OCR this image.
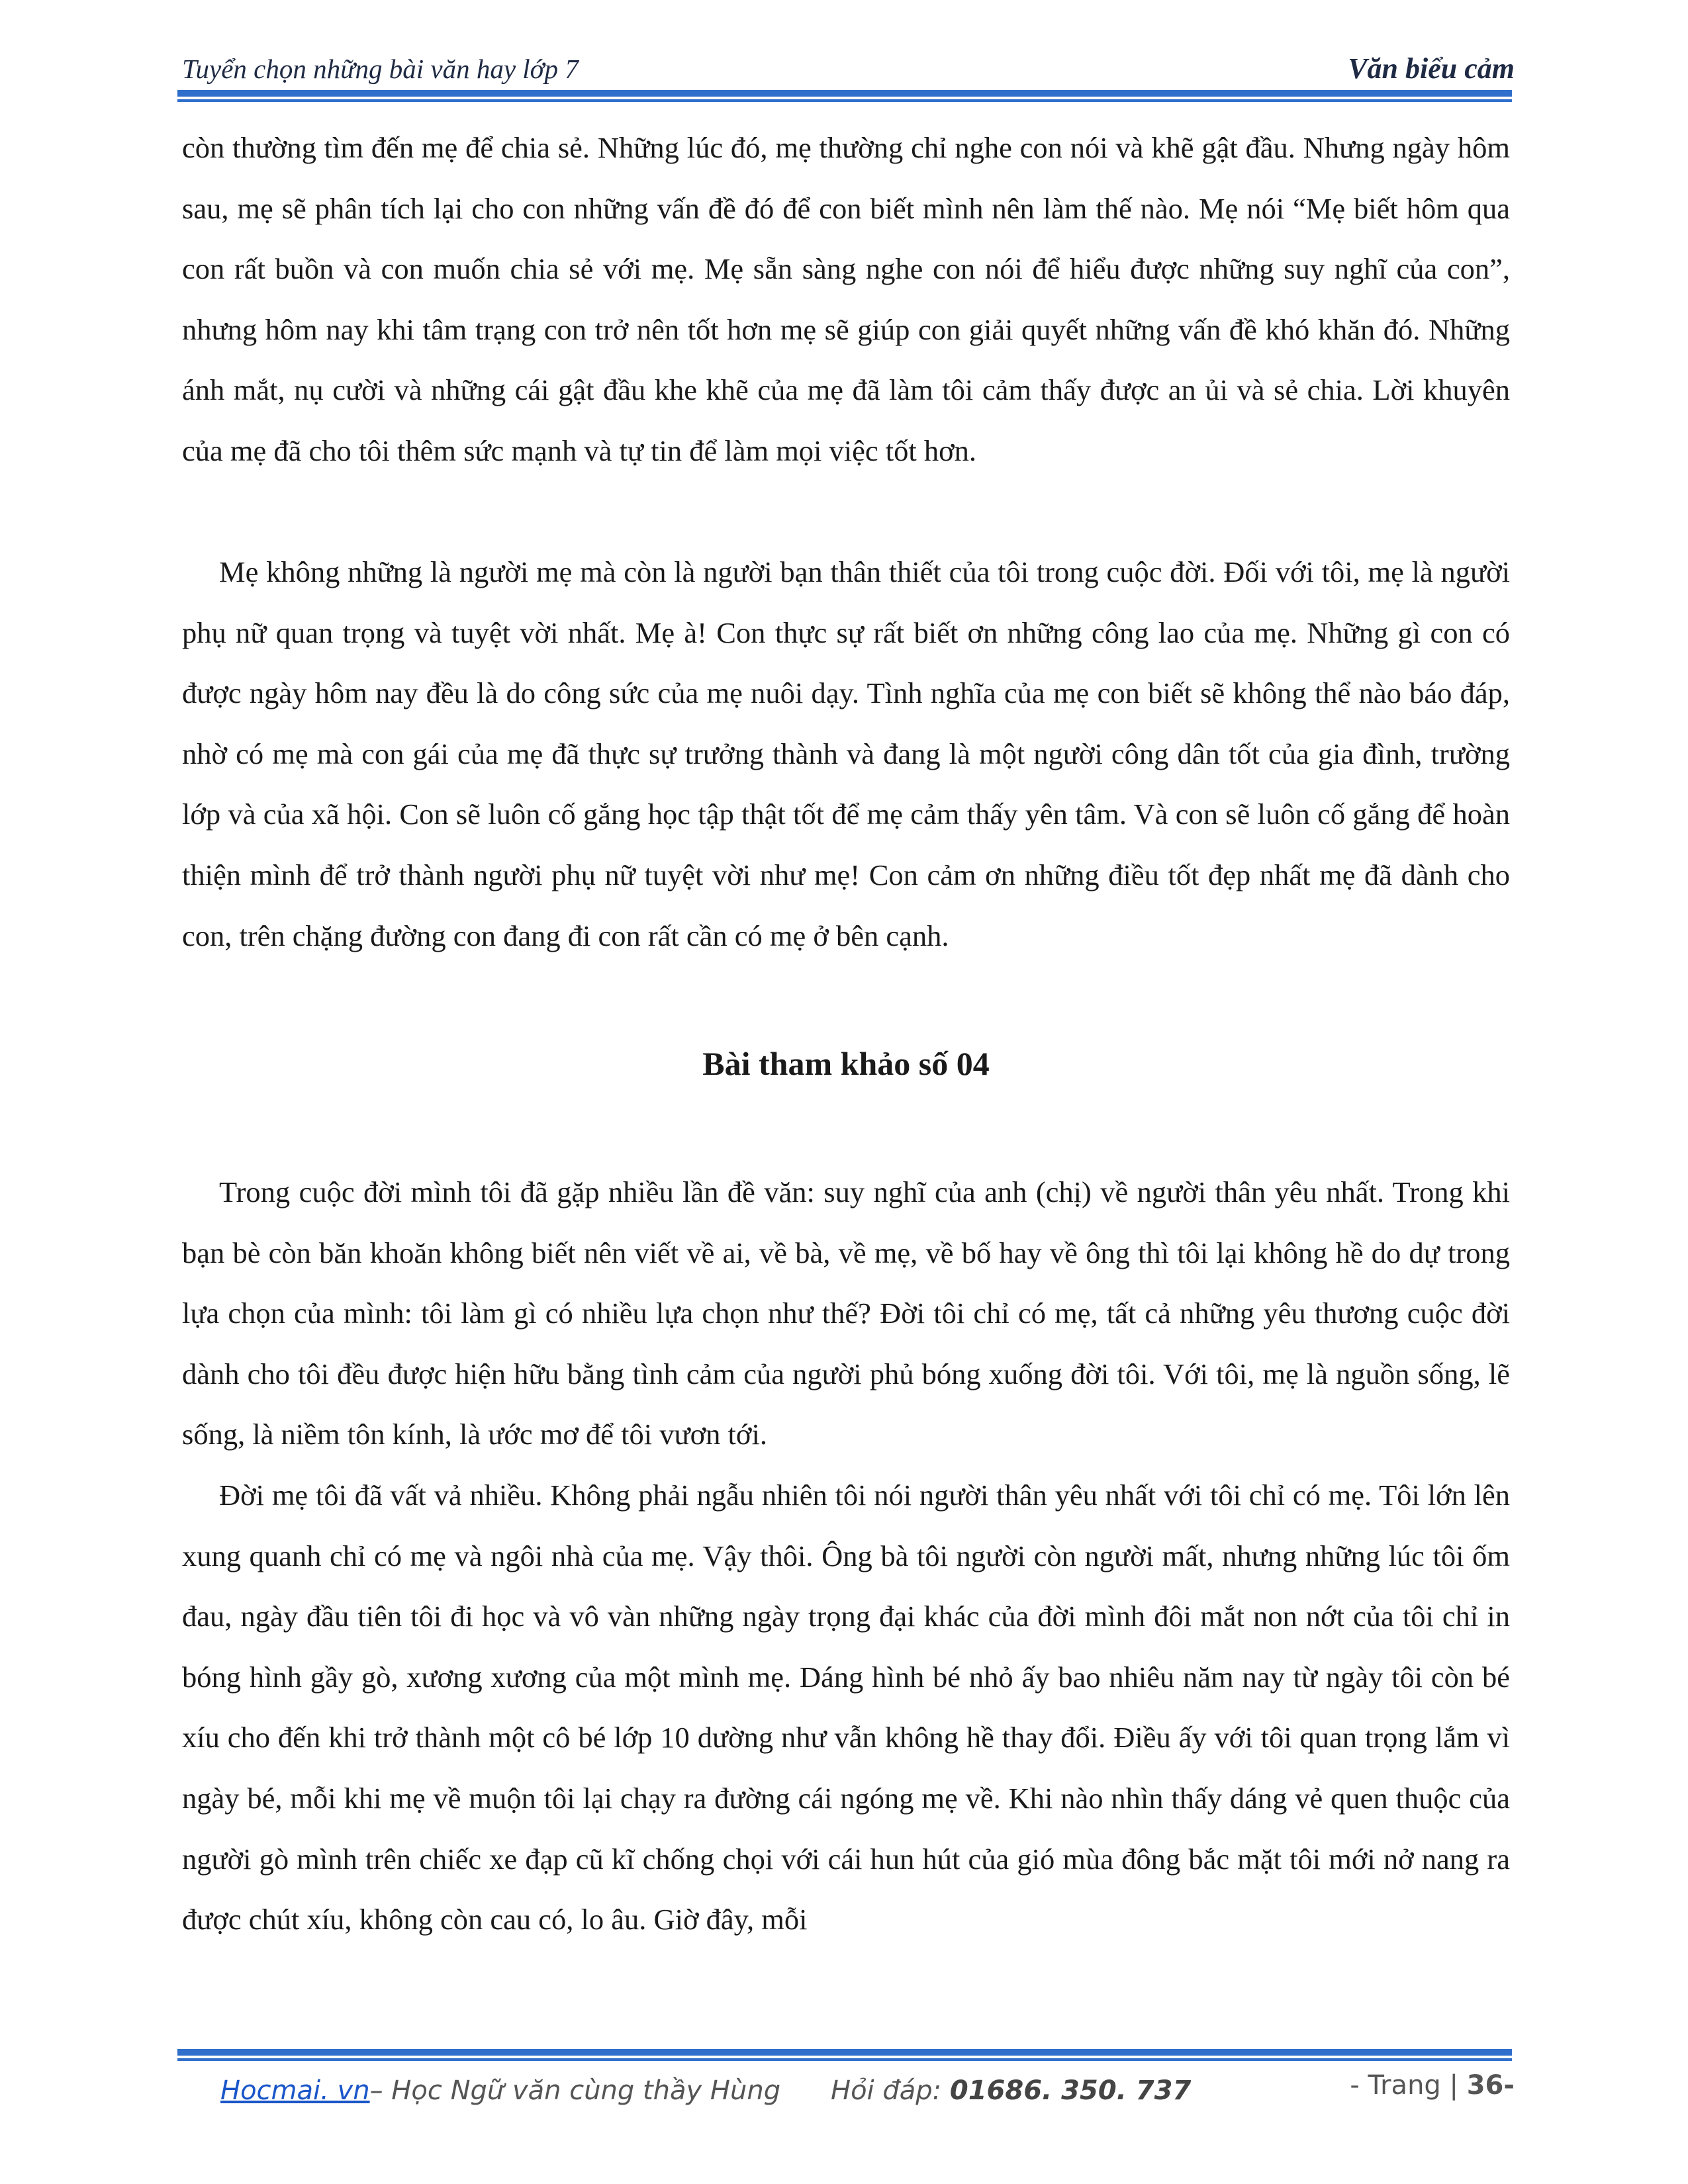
Tuyển chọn những bài văn hay lớp 7	Văn biểu cảm

còn thường tìm đến mẹ để chia sẻ. Những lúc đó, mẹ thường chỉ nghe con nói và khẽ gật đầu. Nhưng ngày hôm sau, mẹ sẽ phân tích lại cho con những vấn đề đó để con biết mình nên làm thế nào. Mẹ nói “Mẹ biết hôm qua con rất buồn và con muốn chia sẻ với mẹ. Mẹ sẵn sàng nghe con nói để hiểu được những suy nghĩ của con”, nhưng hôm nay khi tâm trạng con trở nên tốt hơn mẹ sẽ giúp con giải quyết những vấn đề khó khăn đó. Những ánh mắt, nụ cười và những cái gật đầu khe khẽ của mẹ đã làm tôi cảm thấy được an ủi và sẻ chia. Lời khuyên của mẹ đã cho tôi thêm sức mạnh và tự tin để làm mọi việc tốt hơn.

Mẹ không những là người mẹ mà còn là người bạn thân thiết của tôi trong cuộc đời. Đối với tôi, mẹ là người phụ nữ quan trọng và tuyệt vời nhất. Mẹ à! Con thực sự rất biết ơn những công lao của mẹ. Những gì con có được ngày hôm nay đều là do công sức của mẹ nuôi dạy. Tình nghĩa của mẹ con biết sẽ không thể nào báo đáp, nhờ có mẹ mà con gái của mẹ đã thực sự trưởng thành và đang là một người công dân tốt của gia đình, trường lớp và của xã hội. Con sẽ luôn cố gắng học tập thật tốt để mẹ cảm thấy yên tâm. Và con sẽ luôn cố gắng để hoàn thiện mình để trở thành người phụ nữ tuyệt vời như mẹ! Con cảm ơn những điều tốt đẹp nhất mẹ đã dành cho con, trên chặng đường con đang đi con rất cần có mẹ ở bên cạnh.

Bài tham khảo số 04

Trong cuộc đời mình tôi đã gặp nhiều lần đề văn: suy nghĩ của anh (chị) về người thân yêu nhất. Trong khi bạn bè còn băn khoăn không biết nên viết về ai, về bà, về mẹ, về bố hay về ông thì tôi lại không hề do dự trong lựa chọn của mình: tôi làm gì có nhiều lựa chọn như thế? Đời tôi chỉ có mẹ, tất cả những yêu thương cuộc đời dành cho tôi đều được hiện hữu bằng tình cảm của người phủ bóng xuống đời tôi. Với tôi, mẹ là nguồn sống, lẽ sống, là niềm tôn kính, là ước mơ để tôi vươn tới.

Đời mẹ tôi đã vất vả nhiều. Không phải ngẫu nhiên tôi nói người thân yêu nhất với tôi chỉ có mẹ. Tôi lớn lên xung quanh chỉ có mẹ và ngôi nhà của mẹ. Vậy thôi. Ông bà tôi người còn người mất, nhưng những lúc tôi ốm đau, ngày đầu tiên tôi đi học và vô vàn những ngày trọng đại khác của đời mình đôi mắt non nớt của tôi chỉ in bóng hình gầy gò, xương xương của một mình mẹ. Dáng hình bé nhỏ ấy bao nhiêu năm nay từ ngày tôi còn bé xíu cho đến khi trở thành một cô bé lớp 10 dường như vẫn không hề thay đổi. Điều ấy với tôi quan trọng lắm vì ngày bé, mỗi khi mẹ về muộn tôi lại chạy ra đường cái ngóng mẹ về. Khi nào nhìn thấy dáng vẻ quen thuộc của người gò mình trên chiếc xe đạp cũ kĩ chống chọi với cái hun hút của gió mùa đông bắc mặt tôi mới nở nang ra được chút xíu, không còn cau có, lo âu. Giờ đây, mỗi

Hocmai. vn– Học Ngữ văn cùng thầy Hùng Hỏi đáp: 01686. 350. 737	- Trang | 36-
